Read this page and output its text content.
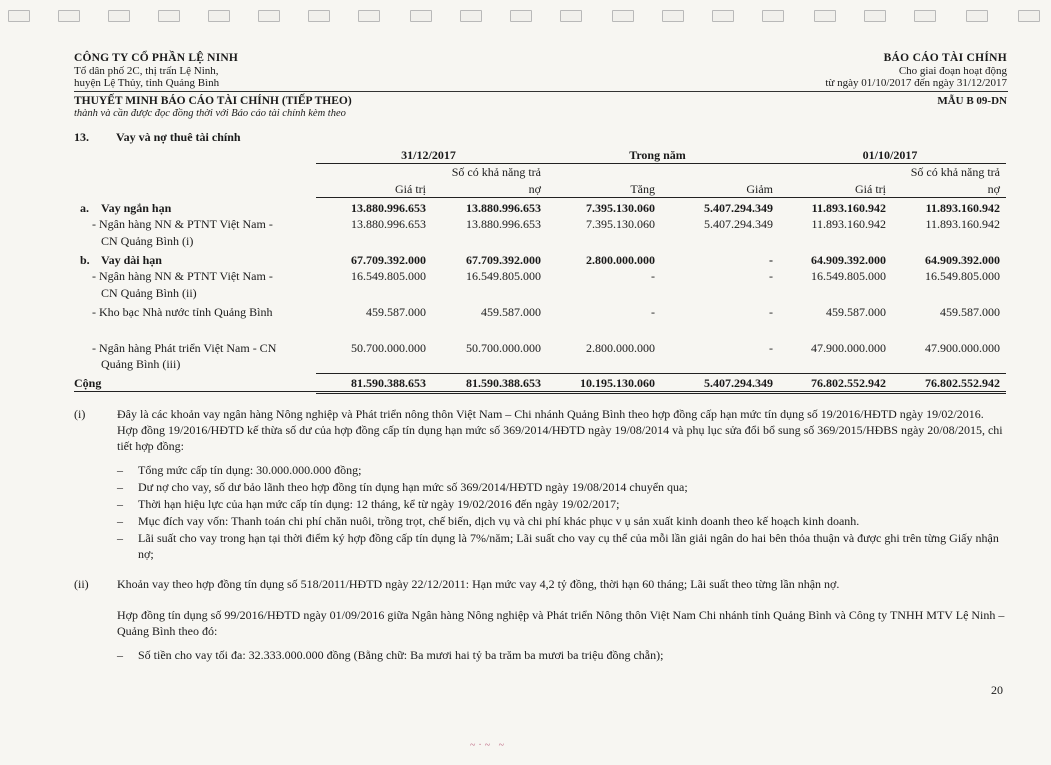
CÔNG TY CỔ PHẦN LỆ NINH
Tổ dân phố 2C, thị trấn Lệ Ninh,
huyện Lệ Thủy, tỉnh Quảng Bình
BÁO CÁO TÀI CHÍNH
Cho giai đoạn hoạt động
từ ngày 01/10/2017 đến ngày 31/12/2017
THUYẾT MINH BÁO CÁO TÀI CHÍNH (TIẾP THEO)
thành và cần được đọc đồng thời với Báo cáo tài chính kèm theo
MẪU B 09-DN
13. Vay và nợ thuê tài chính
31/12/2017	Trong năm	01/10/2017
Số có khả năng trả	Số có khả năng trả
Giá trị	nợ	Tăng	Giảm	Giá trị	nợ
a. Vay ngắn hạn	13.880.996.653	13.880.996.653	7.395.130.060	5.407.294.349	11.893.160.942	11.893.160.942
- Ngân hàng NN & PTNT Việt Nam -
CN Quảng Bình (i)
13.880.996.653	13.880.996.653	7.395.130.060	5.407.294.349	11.893.160.942	11.893.160.942
b. Vay dài hạn	67.709.392.000	67.709.392.000	2.800.000.000	-	64.909.392.000	64.909.392.000
- Ngân hàng NN & PTNT Việt Nam -
CN Quảng Bình (ii)
16.549.805.000	16.549.805.000	-	-	16.549.805.000	16.549.805.000
- Kho bạc Nhà nước tỉnh Quảng Bình	459.587.000	459.587.000	-	-	459.587.000	459.587.000
- Ngân hàng Phát triển Việt Nam - CN
Quảng Bình (iii)
50.700.000.000	50.700.000.000	2.800.000.000	-	47.900.000.000	47.900.000.000
Cộng	81.590.388.653	81.590.388.653	10.195.130.060	5.407.294.349	76.802.552.942	76.802.552.942
(i)	Đây là các khoản vay ngân hàng Nông nghiệp và Phát triển nông thôn Việt Nam – Chi nhánh Quảng Bình theo hợp đồng cấp hạn mức tín dụng số 19/2016/HĐTD ngày 19/02/2016. Hợp đồng 19/2016/HĐTD kế thừa số dư của hợp đồng cấp tín dụng hạn mức số 369/2014/HĐTD ngày 19/08/2014 và phụ lục sửa đổi bổ sung số 369/2015/HĐBS ngày 20/08/2015, chi tiết hợp đồng:
– Tổng mức cấp tín dụng: 30.000.000.000 đồng;
– Dư nợ cho vay, số dư bảo lãnh theo hợp đồng tín dụng hạn mức số 369/2014/HĐTD ngày 19/08/2014 chuyển qua;
– Thời hạn hiệu lực của hạn mức cấp tín dụng: 12 tháng, kể từ ngày 19/02/2016 đến ngày 19/02/2017;
– Mục đích vay vốn: Thanh toán chi phí chăn nuôi, trồng trọt, chế biến, dịch vụ và chi phí khác phục v ụ sản xuất kinh doanh theo kế hoạch kinh doanh.
– Lãi suất cho vay trong hạn tại thời điểm ký hợp đồng cấp tín dụng là 7%/năm; Lãi suất cho vay cụ thể của mỗi lần giải ngân do hai bên thỏa thuận và được ghi trên từng Giấy nhận nợ;
(ii) Khoản vay theo hợp đồng tín dụng số 518/2011/HĐTD ngày 22/12/2011: Hạn mức vay 4,2 tỷ đồng, thời hạn 60 tháng; Lãi suất theo từng lần nhận nợ.
Hợp đồng tín dụng số 99/2016/HĐTD ngày 01/09/2016 giữa Ngân hàng Nông nghiệp và Phát triển Nông thôn Việt Nam Chi nhánh tỉnh Quảng Bình và Công ty TNHH MTV Lệ Ninh – Quảng Bình theo đó:
– Số tiền cho vay tối đa: 32.333.000.000 đồng (Bằng chữ: Ba mươi hai tỷ ba trăm ba mươi ba triệu đồng chẵn);
20
~·~ ~
